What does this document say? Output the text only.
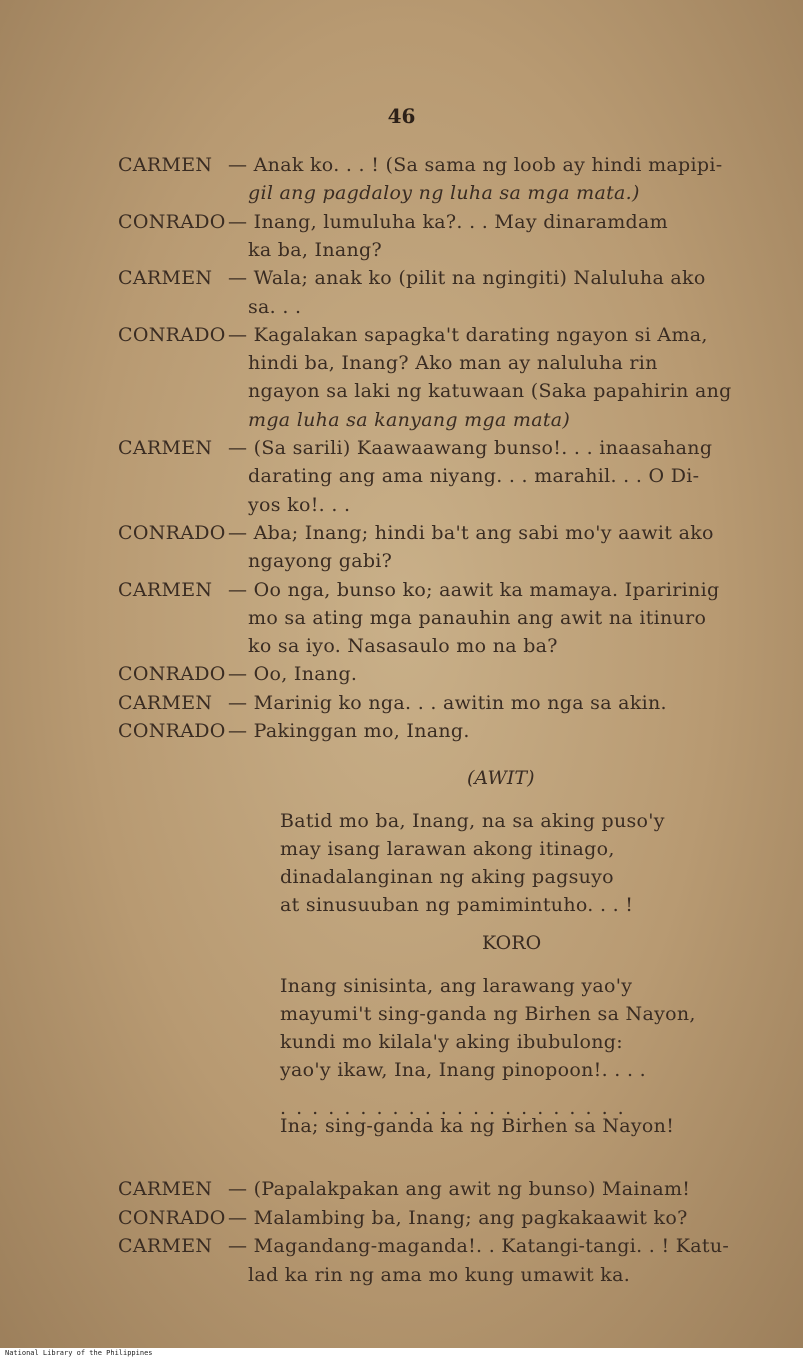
46
CARMEN — Anak ko. . . ! (Sa sama ng loob ay hindi mapipi-
gil ang pagdaloy ng luha sa mga mata.)
CONRADO — Inang, lumuluha ka?. . . May dinaramdam
ka ba, Inang?
CARMEN — Wala; anak ko (pilit na ngingiti) Naluluha ako
sa. . .
CONRADO — Kagalakan sapagka't darating ngayon si Ama,
hindi ba, Inang? Ako man ay naluluha rin
ngayon sa laki ng katuwaan (Saka papahirin ang
mga luha sa kanyang mga mata)
CARMEN — (Sa sarili) Kaawaawang bunso!. . . inaasahang
darating ang ama niyang. . . marahil. . . O Di-
yos ko!. . .
CONRADO — Aba; Inang; hindi ba't ang sabi mo'y aawit ako
ngayong gabi?
CARMEN — Oo nga, bunso ko; aawit ka mamaya. Iparirinig
mo sa ating mga panauhin ang awit na itinuro
ko sa iyo. Nasasaulo mo na ba?
CONRADO — Oo, Inang.
CARMEN — Marinig ko nga. . . awitin mo nga sa akin.
CONRADO — Pakinggan mo, Inang.
(AWIT)
Batid mo ba, Inang, na sa aking puso'y
may isang larawan akong itinago,
dinadalanginan ng aking pagsuyo
at sinusuuban ng pamimintuho. . . !
KORO
Inang sinisinta, ang larawang yao'y
mayumi't sing-ganda ng Birhen sa Nayon,
kundi mo kilala'y aking ibubulong:
yao'y ikaw, Ina, Inang pinopoon!. . . .
. . . . . . . . . . . . . . . . . . . . . .
Ina; sing-ganda ka ng Birhen sa Nayon!
CARMEN — (Papalakpakan ang awit ng bunso) Mainam!
CONRADO — Malambing ba, Inang; ang pagkakaawit ko?
CARMEN — Magandang-maganda!. . Katangi-tangi. . ! Katu-
lad ka rin ng ama mo kung umawit ka.
National Library of the Philippines
